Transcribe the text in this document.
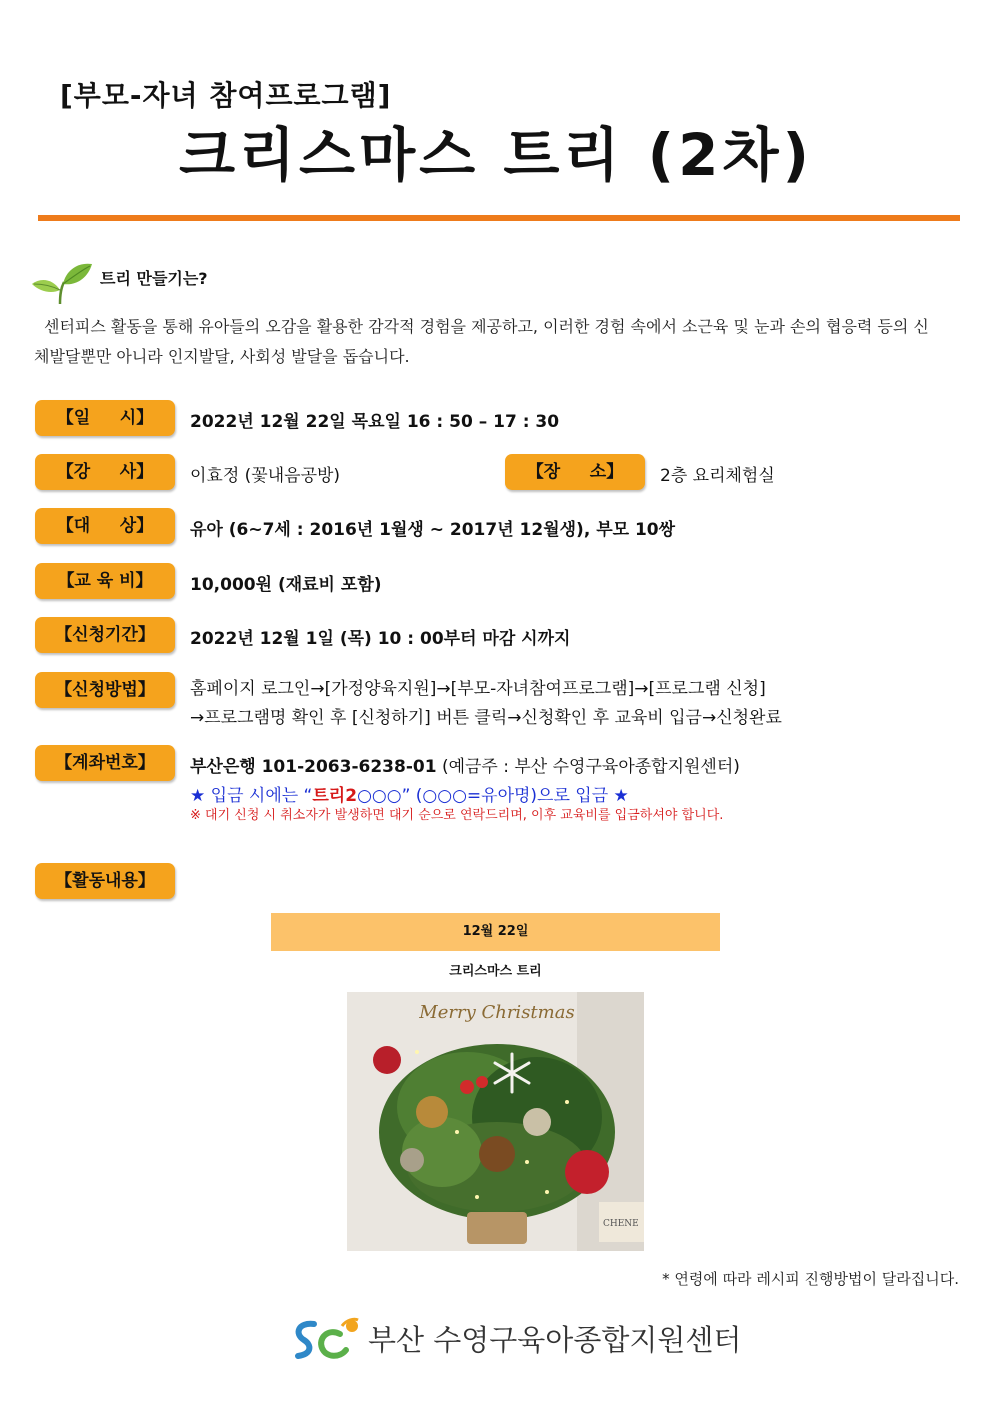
[부모-자녀 참여프로그램]
크리스마스 트리 (2차)
트리 만들기는?
센터피스 활동을 통해 유아들의 오감을 활용한 감각적 경험을 제공하고, 이러한 경험 속에서 소근육 및 눈과 손의 협응력 등의 신체발달뿐만 아니라 인지발달, 사회성 발달을 돕습니다.
【일     시】	2022년 12월 22일 목요일 16 : 50 – 17 : 30
【강     사】	이효정 (꽃내음공방)	【장     소】	2층 요리체험실
【대     상】	유아 (6~7세 : 2016년 1월생 ~ 2017년 12월생), 부모 10쌍
【교 육 비】	10,000원 (재료비 포함)
【신청기간】	2022년 12월 1일 (목) 10 : 00부터 마감 시까지
【신청방법】	홈페이지 로그인→[가정양육지원]→[부모-자녀참여프로그램]→[프로그램 신청]
→프로그램명 확인 후 [신청하기] 버튼 클릭→신청확인 후 교육비 입금→신청완료
【계좌번호】	부산은행 101-2063-6238-01 (예금주 : 부산 수영구육아종합지원센터)
★ 입금 시에는 “트리2○○○” (○○○=유아명)으로 입금 ★
※ 대기 신청 시 취소자가 발생하면 대기 순으로 연락드리며, 이후 교육비를 입금하셔야 합니다.
【활동내용】
12월 22일
크리스마스 트리
Merry Christmas
CHENE
* 연령에 따라 레시피 진행방법이 달라집니다.
부산 수영구육아종합지원센터
